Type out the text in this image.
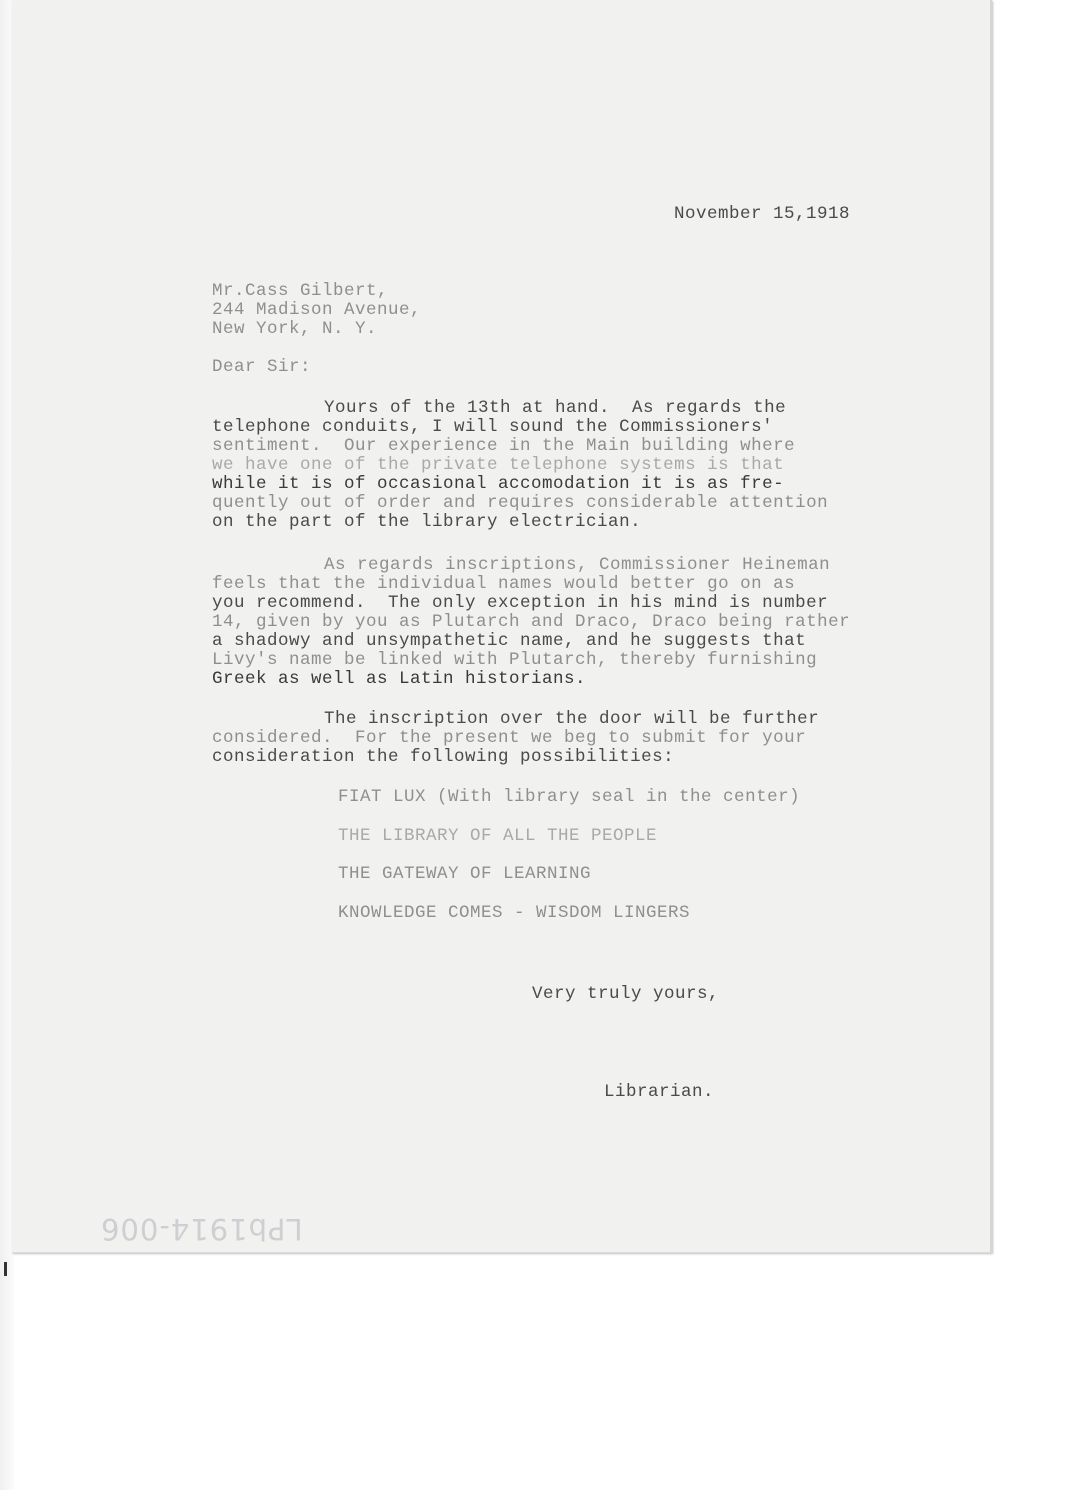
November 15,1918

Mr.Cass Gilbert,

244 Madison Avenue,

New York, N. Y.

Dear Sir:

Yours of the 13th at hand.  As regards the

telephone conduits, I will sound the Commissioners'

sentiment.  Our experience in the Main building where

we have one of the private telephone systems is that

while it is of occasional accomodation it is as fre-

quently out of order and requires considerable attention

on the part of the library electrician.

As regards inscriptions, Commissioner Heineman

feels that the individual names would better go on as

you recommend.  The only exception in his mind is number

14, given by you as Plutarch and Draco, Draco being rather

a shadowy and unsympathetic name, and he suggests that

Livy's name be linked with Plutarch, thereby furnishing

Greek as well as Latin historians.

The inscription over the door will be further

considered.  For the present we beg to submit for your

consideration the following possibilities:

FIAT LUX (With library seal in the center)

THE LIBRARY OF ALL THE PEOPLE

THE GATEWAY OF LEARNING

KNOWLEDGE COMES - WISDOM LINGERS

Very truly yours,

Librarian.

LPb1914-006
